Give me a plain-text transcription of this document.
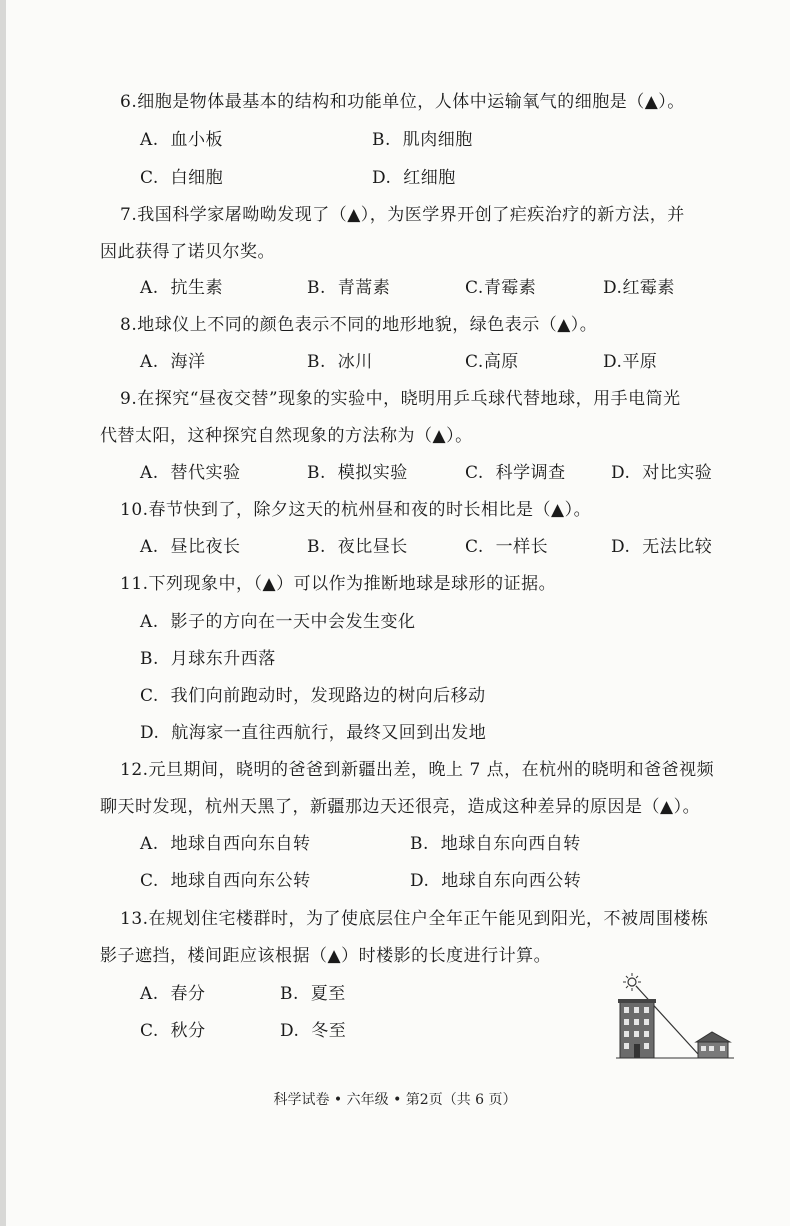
6.细胞是物体最基本的结构和功能单位，人体中运输氧气的细胞是（▲）。
A. 血小板	B. 肌肉细胞
C. 白细胞	D. 红细胞
7.我国科学家屠呦呦发现了（▲），为医学界开创了疟疾治疗的新方法，并
因此获得了诺贝尔奖。
A. 抗生素	B. 青蒿素	C.青霉素	D.红霉素
8.地球仪上不同的颜色表示不同的地形地貌，绿色表示（▲）。
A. 海洋	B. 冰川	C.高原	D.平原
9.在探究“昼夜交替”现象的实验中，晓明用乒乓球代替地球，用手电筒光
代替太阳，这种探究自然现象的方法称为（▲）。
A. 替代实验	B. 模拟实验	C. 科学调查	D. 对比实验
10.春节快到了，除夕这天的杭州昼和夜的时长相比是（▲）。
A. 昼比夜长	B. 夜比昼长	C. 一样长	D. 无法比较
11.下列现象中，（▲）可以作为推断地球是球形的证据。
A. 影子的方向在一天中会发生变化
B. 月球东升西落
C. 我们向前跑动时，发现路边的树向后移动
D. 航海家一直往西航行，最终又回到出发地
12.元旦期间，晓明的爸爸到新疆出差，晚上 7 点，在杭州的晓明和爸爸视频
聊天时发现，杭州天黑了，新疆那边天还很亮，造成这种差异的原因是（▲）。
A. 地球自西向东自转	B. 地球自东向西自转
C. 地球自西向东公转	D. 地球自东向西公转
13.在规划住宅楼群时，为了使底层住户全年正午能见到阳光，不被周围楼栋
影子遮挡，楼间距应该根据（▲）时楼影的长度进行计算。
A. 春分	B. 夏至
C. 秋分	D. 冬至
科学试卷 • 六年级 • 第2页（共 6 页）
